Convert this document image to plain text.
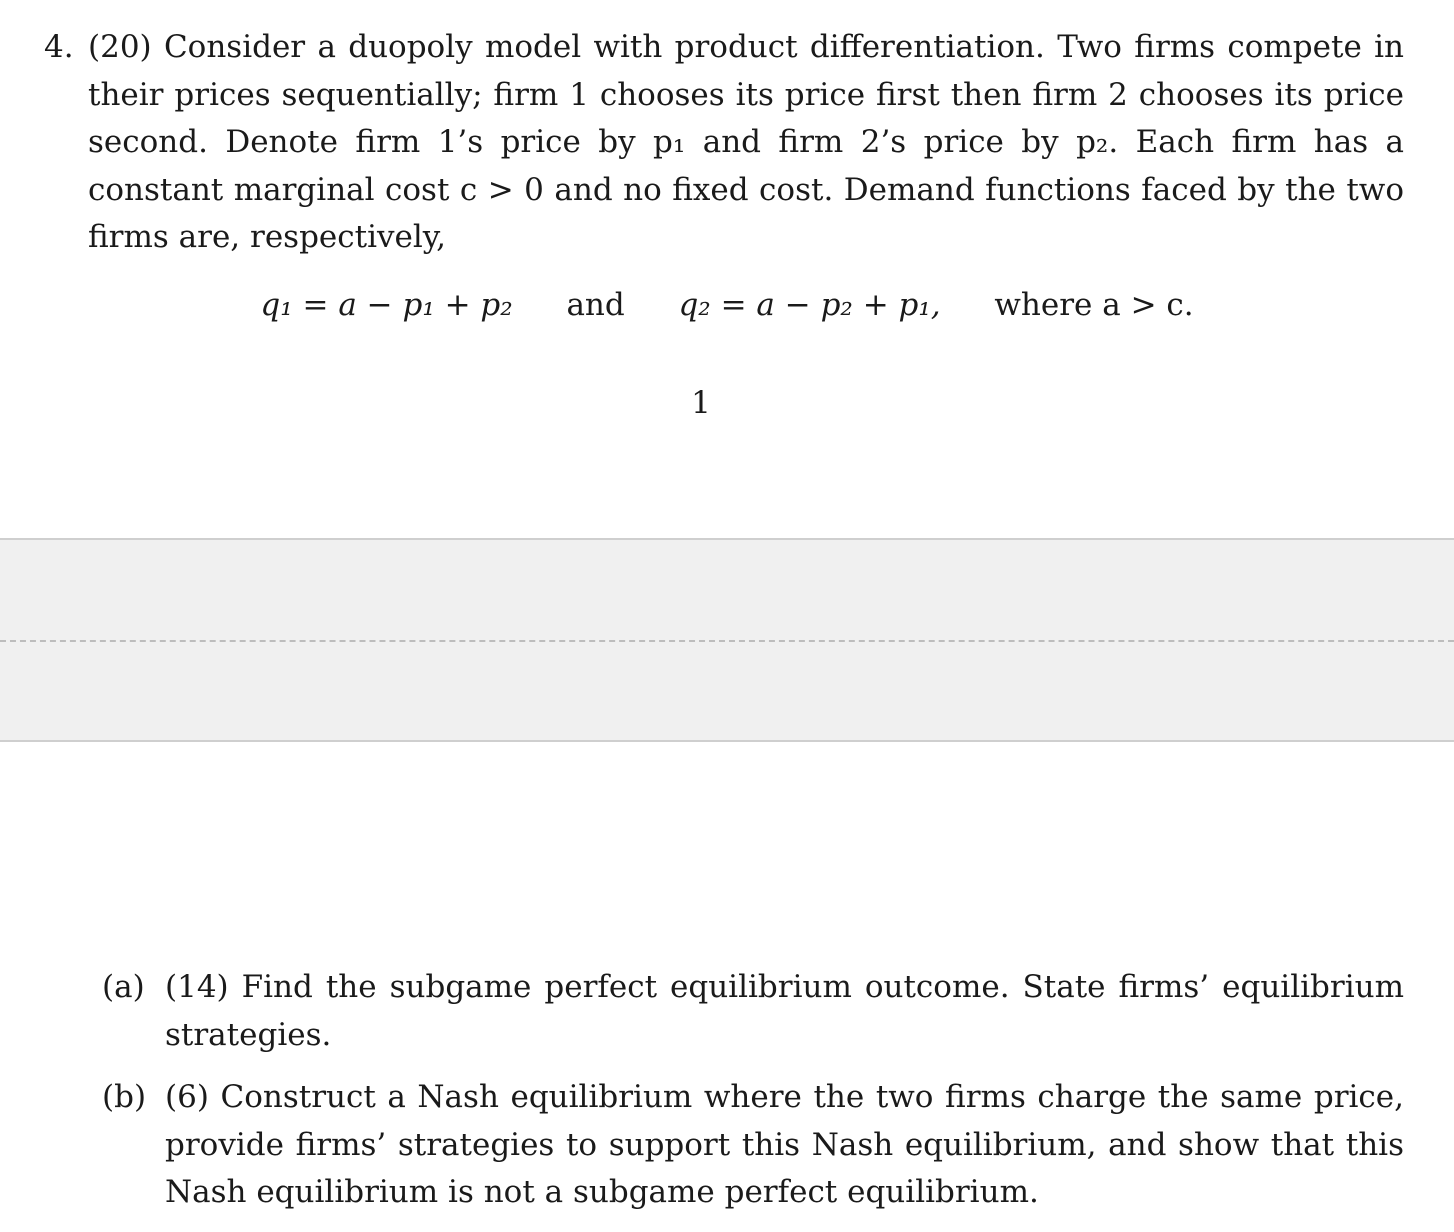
4. (20) Consider a duopoly model with product differentiation. Two firms compete in their prices sequentially; firm 1 chooses its price first then firm 2 chooses its price second. Denote firm 1’s price by p₁ and firm 2’s price by p₂. Each firm has a constant marginal cost c > 0 and no fixed cost. Demand functions faced by the two firms are, respectively,
q₁ = a − p₁ + p₂ and q₂ = a − p₂ + p₁, where a > c.
1
(a) (14) Find the subgame perfect equilibrium outcome. State firms’ equilibrium strategies.
(b) (6) Construct a Nash equilibrium where the two firms charge the same price, provide firms’ strategies to support this Nash equilibrium, and show that this Nash equilibrium is not a subgame perfect equilibrium.
